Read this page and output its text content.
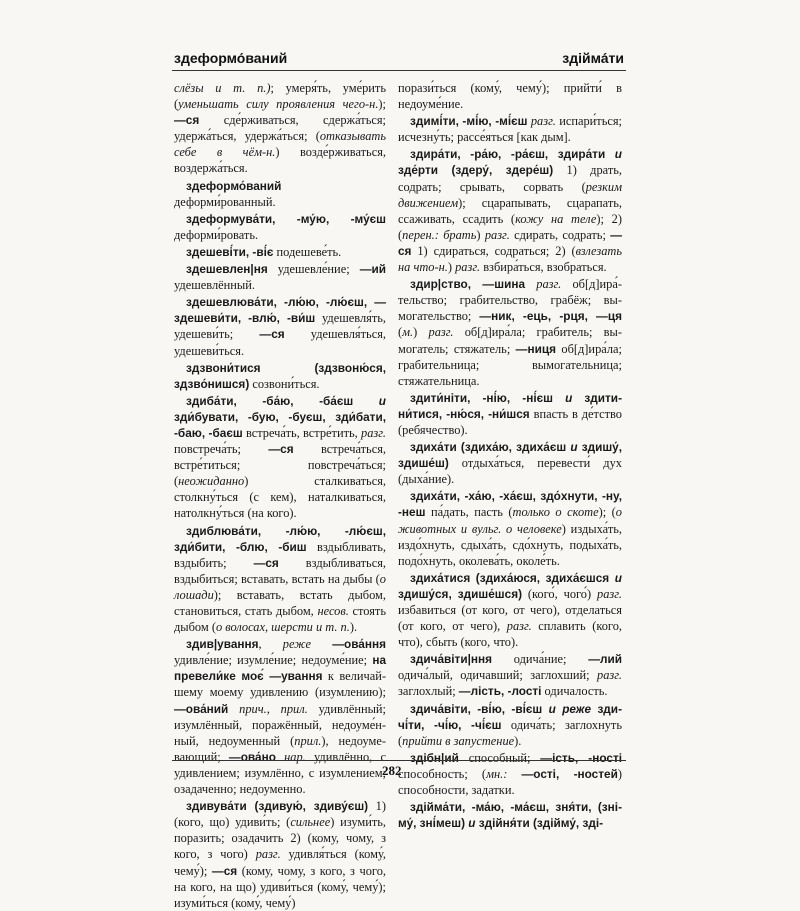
здеформо́ваний	здійма́ти

слёзы и т. п.); умеря́ть, уме́рить (уменьшать силу проявления чего-н.); —ся сде́рживаться, сдержа́ться; удержа́ться, удержа́ться; (отказывать себе в чём-н.) возде́рживаться, воздержа́ться.

здеформо́ваний деформи́рованный.

здеформува́ти, -му́ю, -му́єш деформи́ровать.

здешеві́ти, -ві́є подешеве́ть.

здешевлен|ня удешевле́ние; —ий удешевлённый.

здешевлюва́ти, -лю́ю, -лю́єш, — здешеви́ти, -влю́, -ви́ш удешевля́ть, удешеви́ть; —ся удешевля́ться, удешеви́ться.

здзвони́тися (здзвоню́ся, здзво́нишся) созвони́ться.

здиба́ти, -ба́ю, -ба́єш и зди́бувати, -бую, -буєш, зди́бати, -баю, -баєш встреча́ть, встре́тить, разг. повстреча́ть; —ся встреча́ться, встре́титься; повстреча́ться; (неожиданно) сталкиваться, столкну́ться (с кем), наталкиваться, натолкну́ться (на кого).

здиблюва́ти, -лю́ю, -лю́єш, зди́бити, -блю, -биш вздыбливать, вздыбить; —ся вздыбливаться, вздыбиться; вставать, встать на дыбы (о лошади); вставать, встать дыбом, становиться, стать дыбом, несов. стоять дыбом (о волосах, шерсти и т. п.).

здив|ування, реже —ова́ння удивле́ние; изумле́ние; недоуме́ние; на превели́ке моє́ —ування к величайшему моему удивлению (изумлению); —ова́ний прич., прил. удивлённый; изумлённый, поражённый, недоуме́нный, недоуменный (прил.), недоумевающий; —ова́но нар. удивлённо, с удивлением; изумлённо, с изумлением; озадаченно; недоуменно.

здивува́ти (здивую́, здиву́єш) 1) (кого, що) удиви́ть; (сильнее) изуми́ть, поразить; озадачить 2) (кому, чому, з кого, з чого) разг. удивля́ться (кому́, чему́); —ся (кому, чому, з кого, з чого, на кого, на що) удиви́ться (кому́, чему́); изуми́ться (кому́, чему́)

порази́ться (кому́, чему́); прийти́ в недоуме́ние.

здимі́ти, -мі́ю, -мі́єш разг. испари́ться; исчезну́ть; рассе́яться [как дым].

здира́ти, -ра́ю, -ра́єш, здира́ти и зде́рти (здеру́, здере́ш) 1) драть, содрать; срывать, сорвать (резким движением); сцарапывать, сцарапать, ссаживать, ссадить (кожу на теле); 2) (перен.: брать) разг. сдирать, содрать; —ся 1) сдираться, содраться; 2) (взлезать на что-н.) разг. взбира́ться, взобраться.

здир|ство, —шина разг. об[д]ира́тельство; грабительство, грабёж; вымогательство; —ник, -ець, -рця, —ця (м.) разг. об[д]ира́ла; грабитель; вымогатель; стяжатель; —ниця об[д]ира́ла; грабительница; вымогательница; стяжательница.

здити́ніти, -ні́ю, -ні́єш и здитини́тися, -ню́ся, -ни́шся впасть в де́тство (ребячество).

здиха́ти (здиха́ю, здиха́єш и здишу́, здише́ш) отдыха́ться, перевести́ дух (дыха́ние).

здиха́ти, -ха́ю, -ха́єш, здо́хнути, -ну, -неш па́дать, пасть (только о скоте); (о животных и вульг. о человеке) издыха́ть, издо́хнуть, сдыха́ть, сдо́хнуть, подыха́ть, подо́хнуть, околева́ть, околе́ть.

здиха́тися (здиха́юся, здиха́єшся и здишу́ся, здише́шся) (кого́, чого́) разг. избавиться (от кого, от чего), отделаться (от кого, от чего), разг. сплавить (кого, что), сбыть (кого, что).

здича́віти|ння одича́ние; —лий одича́лый, одичавший; заглохший; разг. заглохлый; —лість, -лості одичалость.

здича́віти, -ві́ю, -ві́єш и реже здичі́ти, -чі́ю, -чі́єш одича́ть; заглохнуть (прийти в запустение).

здібн|ий способный; —ість, -ності способность; (мн.: —ості, -ностей) способности, задатки.

здійма́ти, -ма́ю, -ма́єш, зня́ти, (зніму́, зні́меш) и здійня́ти (здійму́, зді-

282
